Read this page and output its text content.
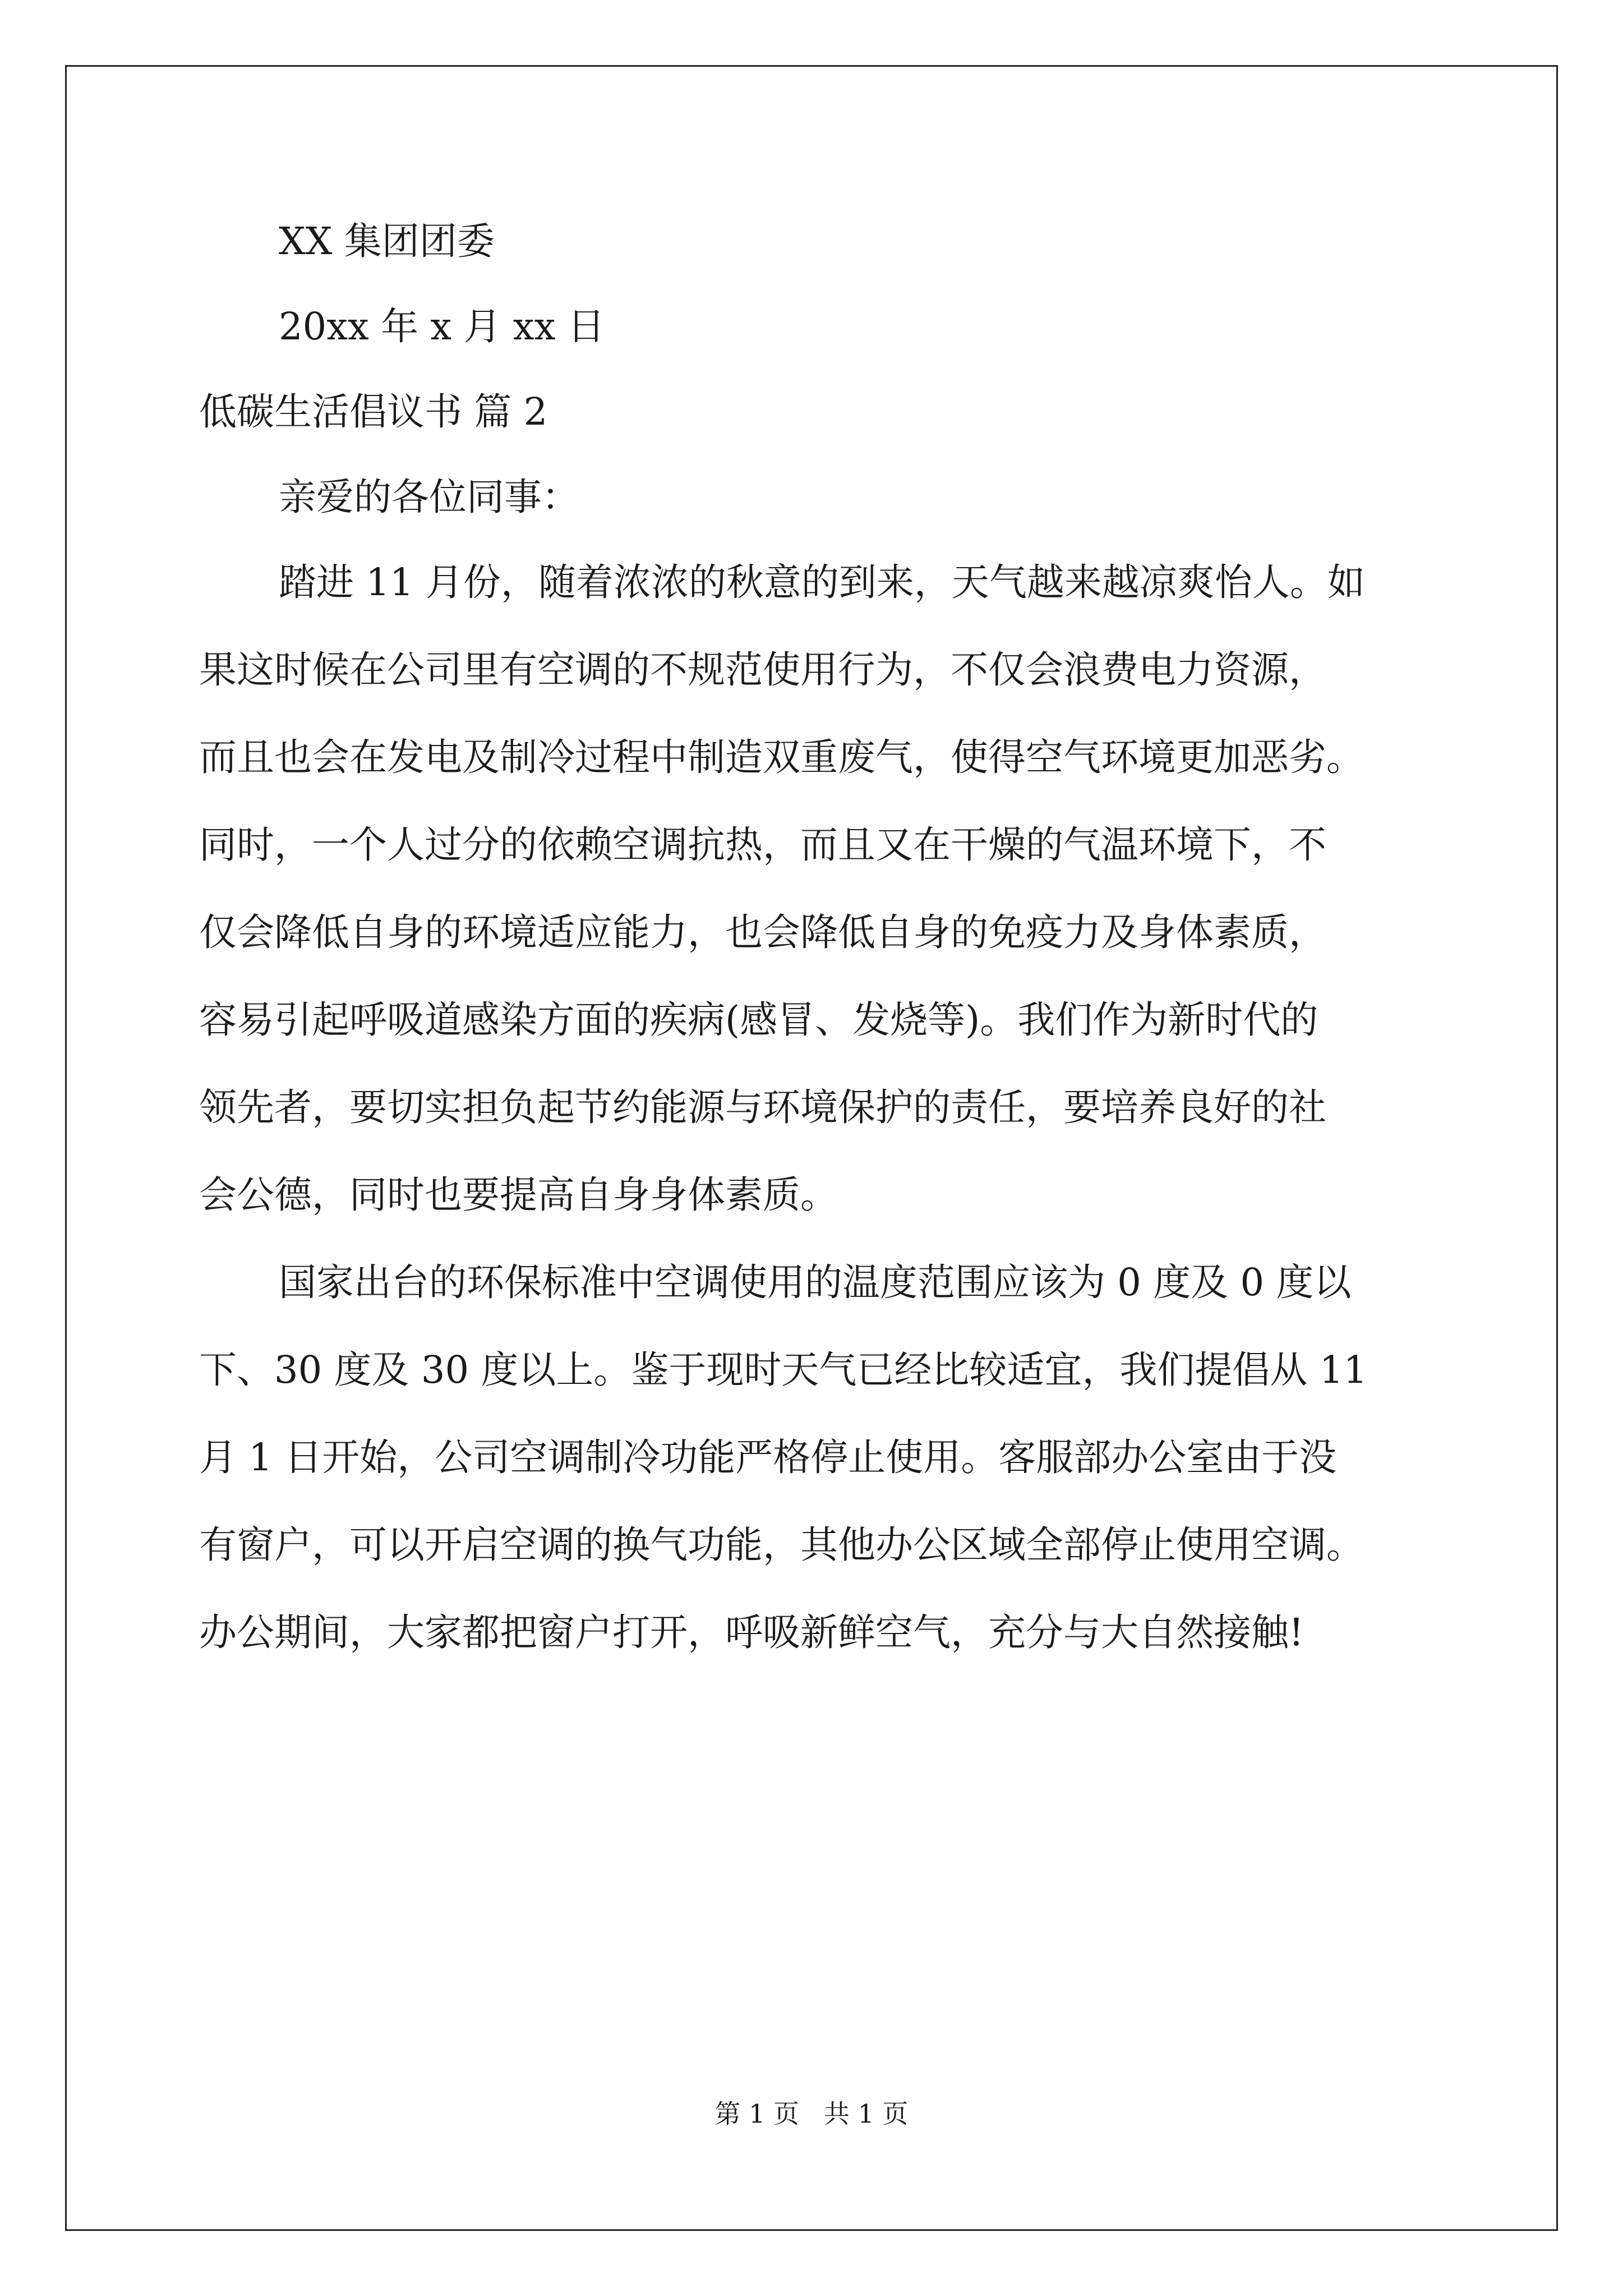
XX 集团团委

20xx 年 x 月 xx 日

低碳生活倡议书 篇 2

亲爱的各位同事：

踏进 11 月份，随着浓浓的秋意的到来，天气越来越凉爽怡人。如
果这时候在公司里有空调的不规范使用行为，不仅会浪费电力资源，
而且也会在发电及制冷过程中制造双重废气，使得空气环境更加恶劣。
同时，一个人过分的依赖空调抗热，而且又在干燥的气温环境下，不
仅会降低自身的环境适应能力，也会降低自身的免疫力及身体素质，
容易引起呼吸道感染方面的疾病(感冒、发烧等)。我们作为新时代的
领先者，要切实担负起节约能源与环境保护的责任，要培养良好的社
会公德，同时也要提高自身身体素质。
国家出台的环保标准中空调使用的温度范围应该为 0 度及 0 度以
下、30 度及 30 度以上。鉴于现时天气已经比较适宜，我们提倡从 11
月 1 日开始，公司空调制冷功能严格停止使用。客服部办公室由于没
有窗户，可以开启空调的换气功能，其他办公区域全部停止使用空调。
办公期间，大家都把窗户打开，呼吸新鲜空气，充分与大自然接触!
第 1 页   共 1 页
